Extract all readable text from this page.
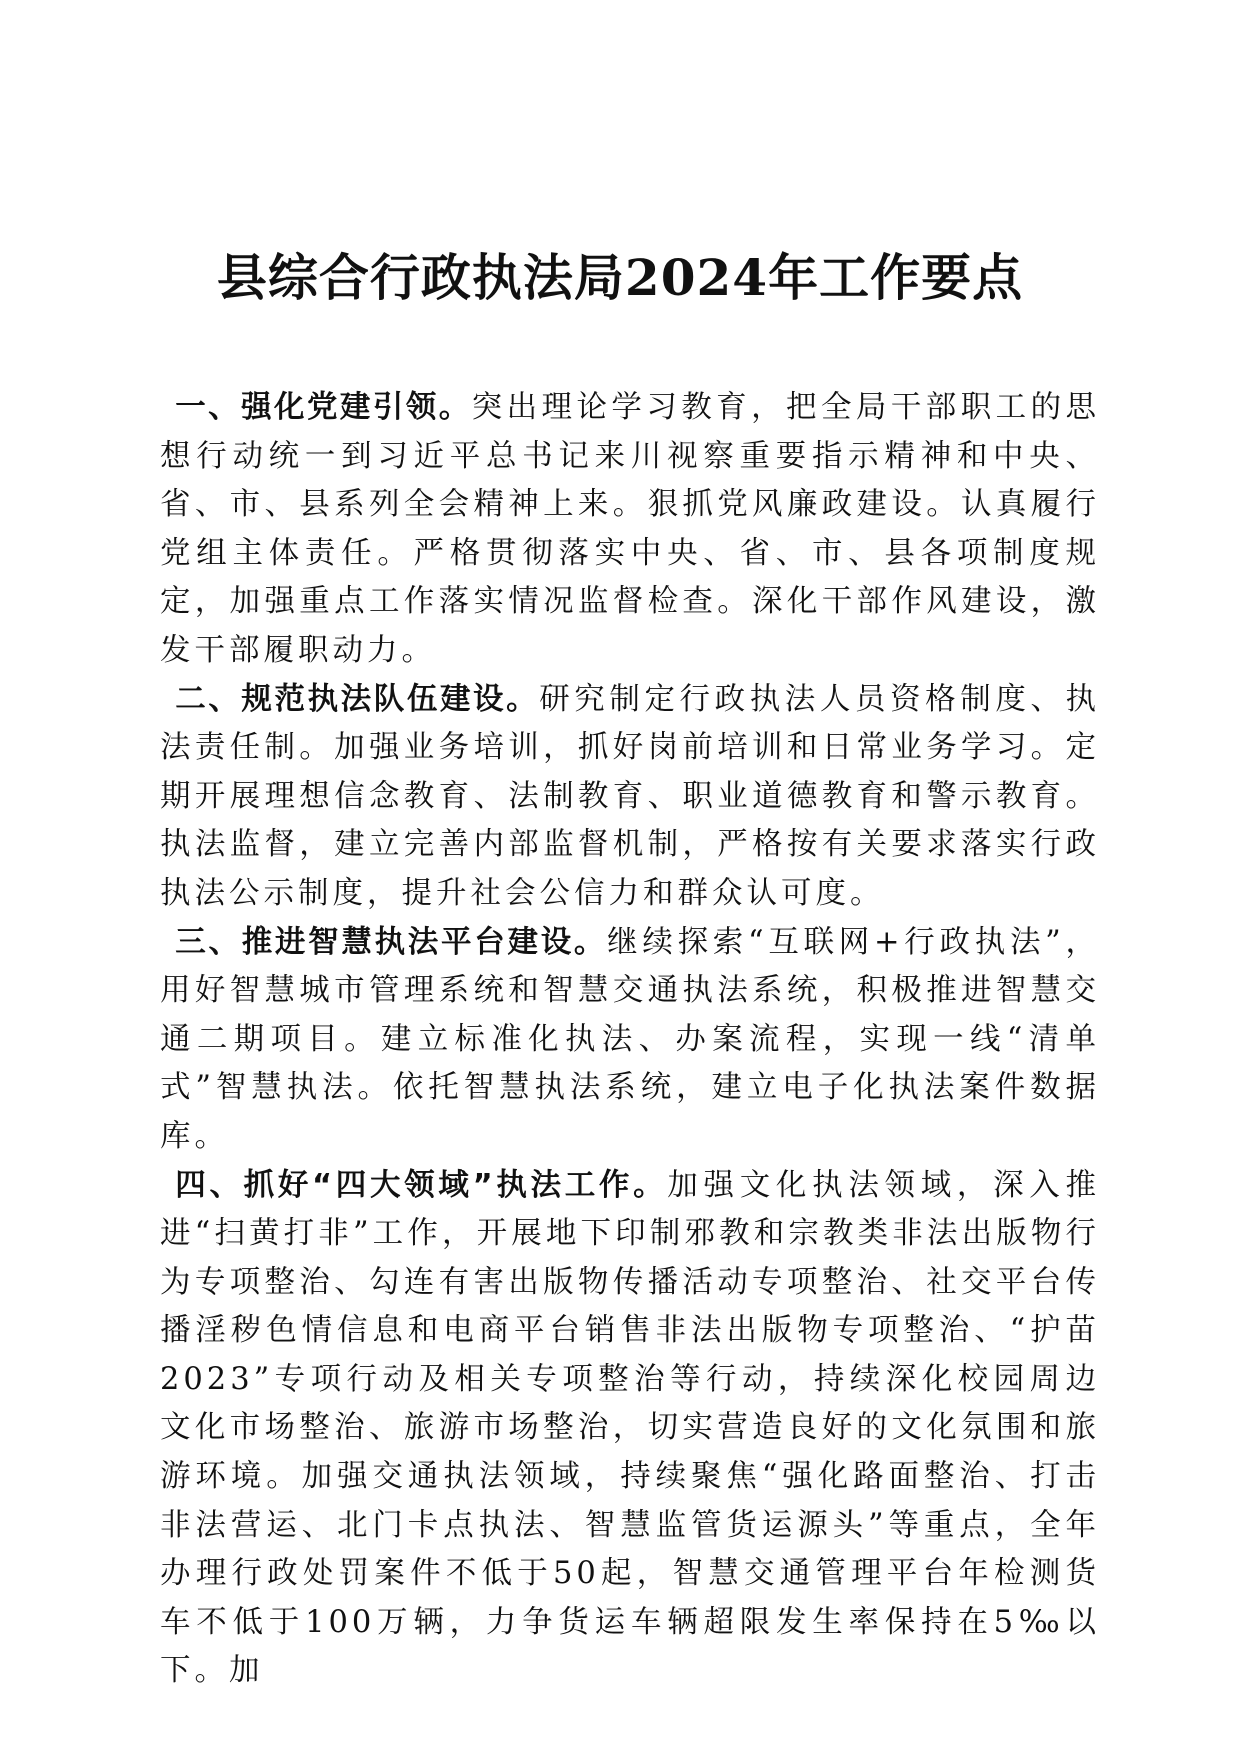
县综合行政执法局2024年工作要点

一、强化党建引领。突出理论学习教育，把全局干部职工的思想行动统一到习近平总书记来川视察重要指示精神和中央、省、市、县系列全会精神上来。狠抓党风廉政建设。认真履行党组主体责任。严格贯彻落实中央、省、市、县各项制度规定，加强重点工作落实情况监督检查。深化干部作风建设，激发干部履职动力。

二、规范执法队伍建设。研究制定行政执法人员资格制度、执法责任制。加强业务培训，抓好岗前培训和日常业务学习。定期开展理想信念教育、法制教育、职业道德教育和警示教育。执法监督，建立完善内部监督机制，严格按有关要求落实行政执法公示制度，提升社会公信力和群众认可度。

三、推进智慧执法平台建设。继续探索“互联网+行政执法”，用好智慧城市管理系统和智慧交通执法系统，积极推进智慧交通二期项目。建立标准化执法、办案流程，实现一线“清单式”智慧执法。依托智慧执法系统，建立电子化执法案件数据库。

四、抓好“四大领域”执法工作。加强文化执法领域，深入推进“扫黄打非”工作，开展地下印制邪教和宗教类非法出版物行为专项整治、勾连有害出版物传播活动专项整治、社交平台传播淫秽色情信息和电商平台销售非法出版物专项整治、“护苗2023”专项行动及相关专项整治等行动，持续深化校园周边文化市场整治、旅游市场整治，切实营造良好的文化氛围和旅游环境。加强交通执法领域，持续聚焦“强化路面整治、打击非法营运、北门卡点执法、智慧监管货运源头”等重点，全年办理行政处罚案件不低于50起，智慧交通管理平台年检测货车不低于100万辆，力争货运车辆超限发生率保持在5‰以下。加
